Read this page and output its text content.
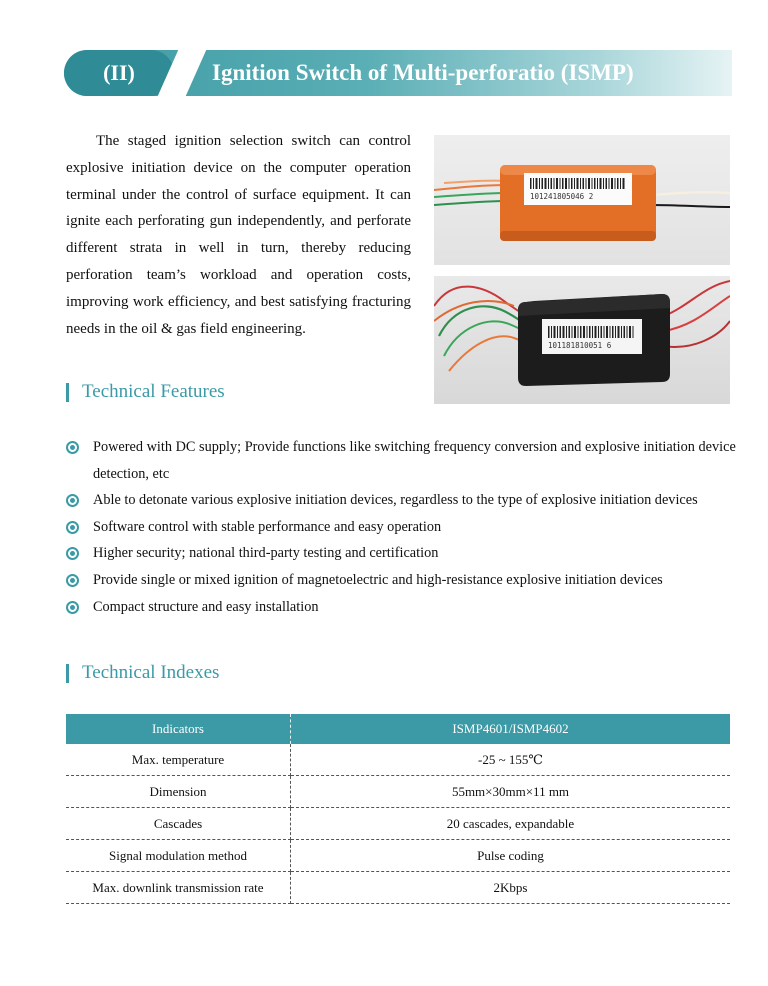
(II)	Ignition Switch of Multi-perforatio (ISMP)

The staged ignition selection switch can control explosive initiation device on the computer operation terminal under the control of surface equipment. It can ignite each perforating gun independently, and perforate different strata in well in turn, thereby reducing perforation team’s workload and operation costs, improving work efficiency, and best satisfying fracturing needs in the oil & gas field engineering.

101241805046 2
101181810051 6
Technical Features
Powered with DC supply; Provide functions like switching frequency conversion and explosive initiation device detection, etc
Able to detonate various explosive initiation devices, regardless to the type of explosive initiation devices
Software control with stable performance and easy operation
Higher security; national third-party testing and certification
Provide single or mixed ignition of magnetoelectric and high-resistance explosive initiation devices
Compact structure and easy installation
Technical Indexes
Indicators	ISMP4601/ISMP4602
Max. temperature	-25 ~ 155℃
Dimension	55mm×30mm×11 mm
Cascades	20 cascades, expandable
Signal modulation method	Pulse coding
Max. downlink transmission rate	2Kbps
